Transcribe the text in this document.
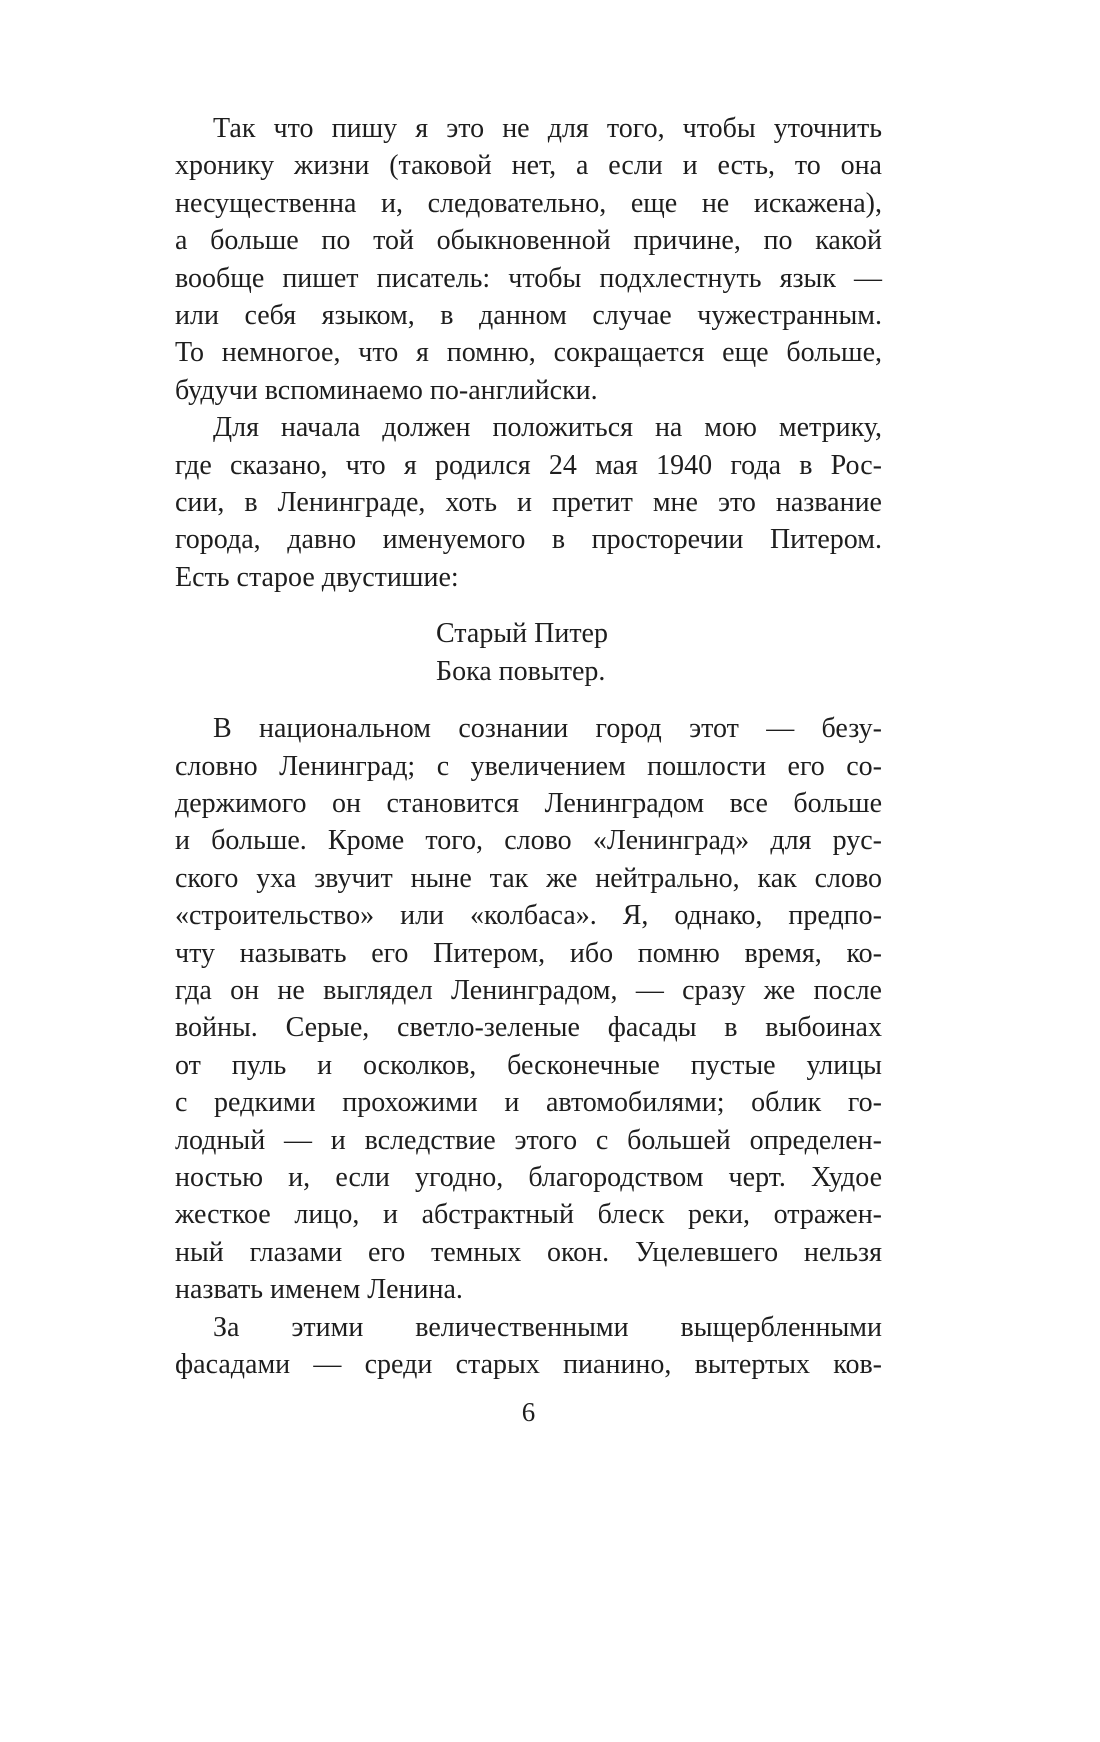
Так что пишу я это не для того, чтобы уточнить
хронику жизни (таковой нет, а если и есть, то она
несущественна и, следовательно, еще не искажена),
а больше по той обыкновенной причине, по какой
вообще пишет писатель: чтобы подхлестнуть язык —
или себя языком, в данном случае чужестранным.
То немногое, что я помню, сокращается еще больше,
будучи вспоминаемо по-английски.
Для начала должен положиться на мою метрику,
где сказано, что я родился 24 мая 1940 года в Рос-
сии, в Ленинграде, хоть и претит мне это название
города, давно именуемого в просторечии Питером.
Есть старое двустишие:
Старый Питер
Бока повытер.
В национальном сознании город этот — безу-
словно Ленинград; с увеличением пошлости его со-
держимого он становится Ленинградом все больше
и больше. Кроме того, слово «Ленинград» для рус-
ского уха звучит ныне так же нейтрально, как слово
«строительство» или «колбаса». Я, однако, предпо-
чту называть его Питером, ибо помню время, ко-
гда он не выглядел Ленинградом, — сразу же после
войны. Серые, светло-зеленые фасады в выбоинах
от пуль и осколков, бесконечные пустые улицы
с редкими прохожими и автомобилями; облик го-
лодный — и вследствие этого с большей определен-
ностью и, если угодно, благородством черт. Худое
жесткое лицо, и абстрактный блеск реки, отражен-
ный глазами его темных окон. Уцелевшего нельзя
назвать именем Ленина.
За этими величественными выщербленными
фасадами — среди старых пианино, вытертых ков-
6
